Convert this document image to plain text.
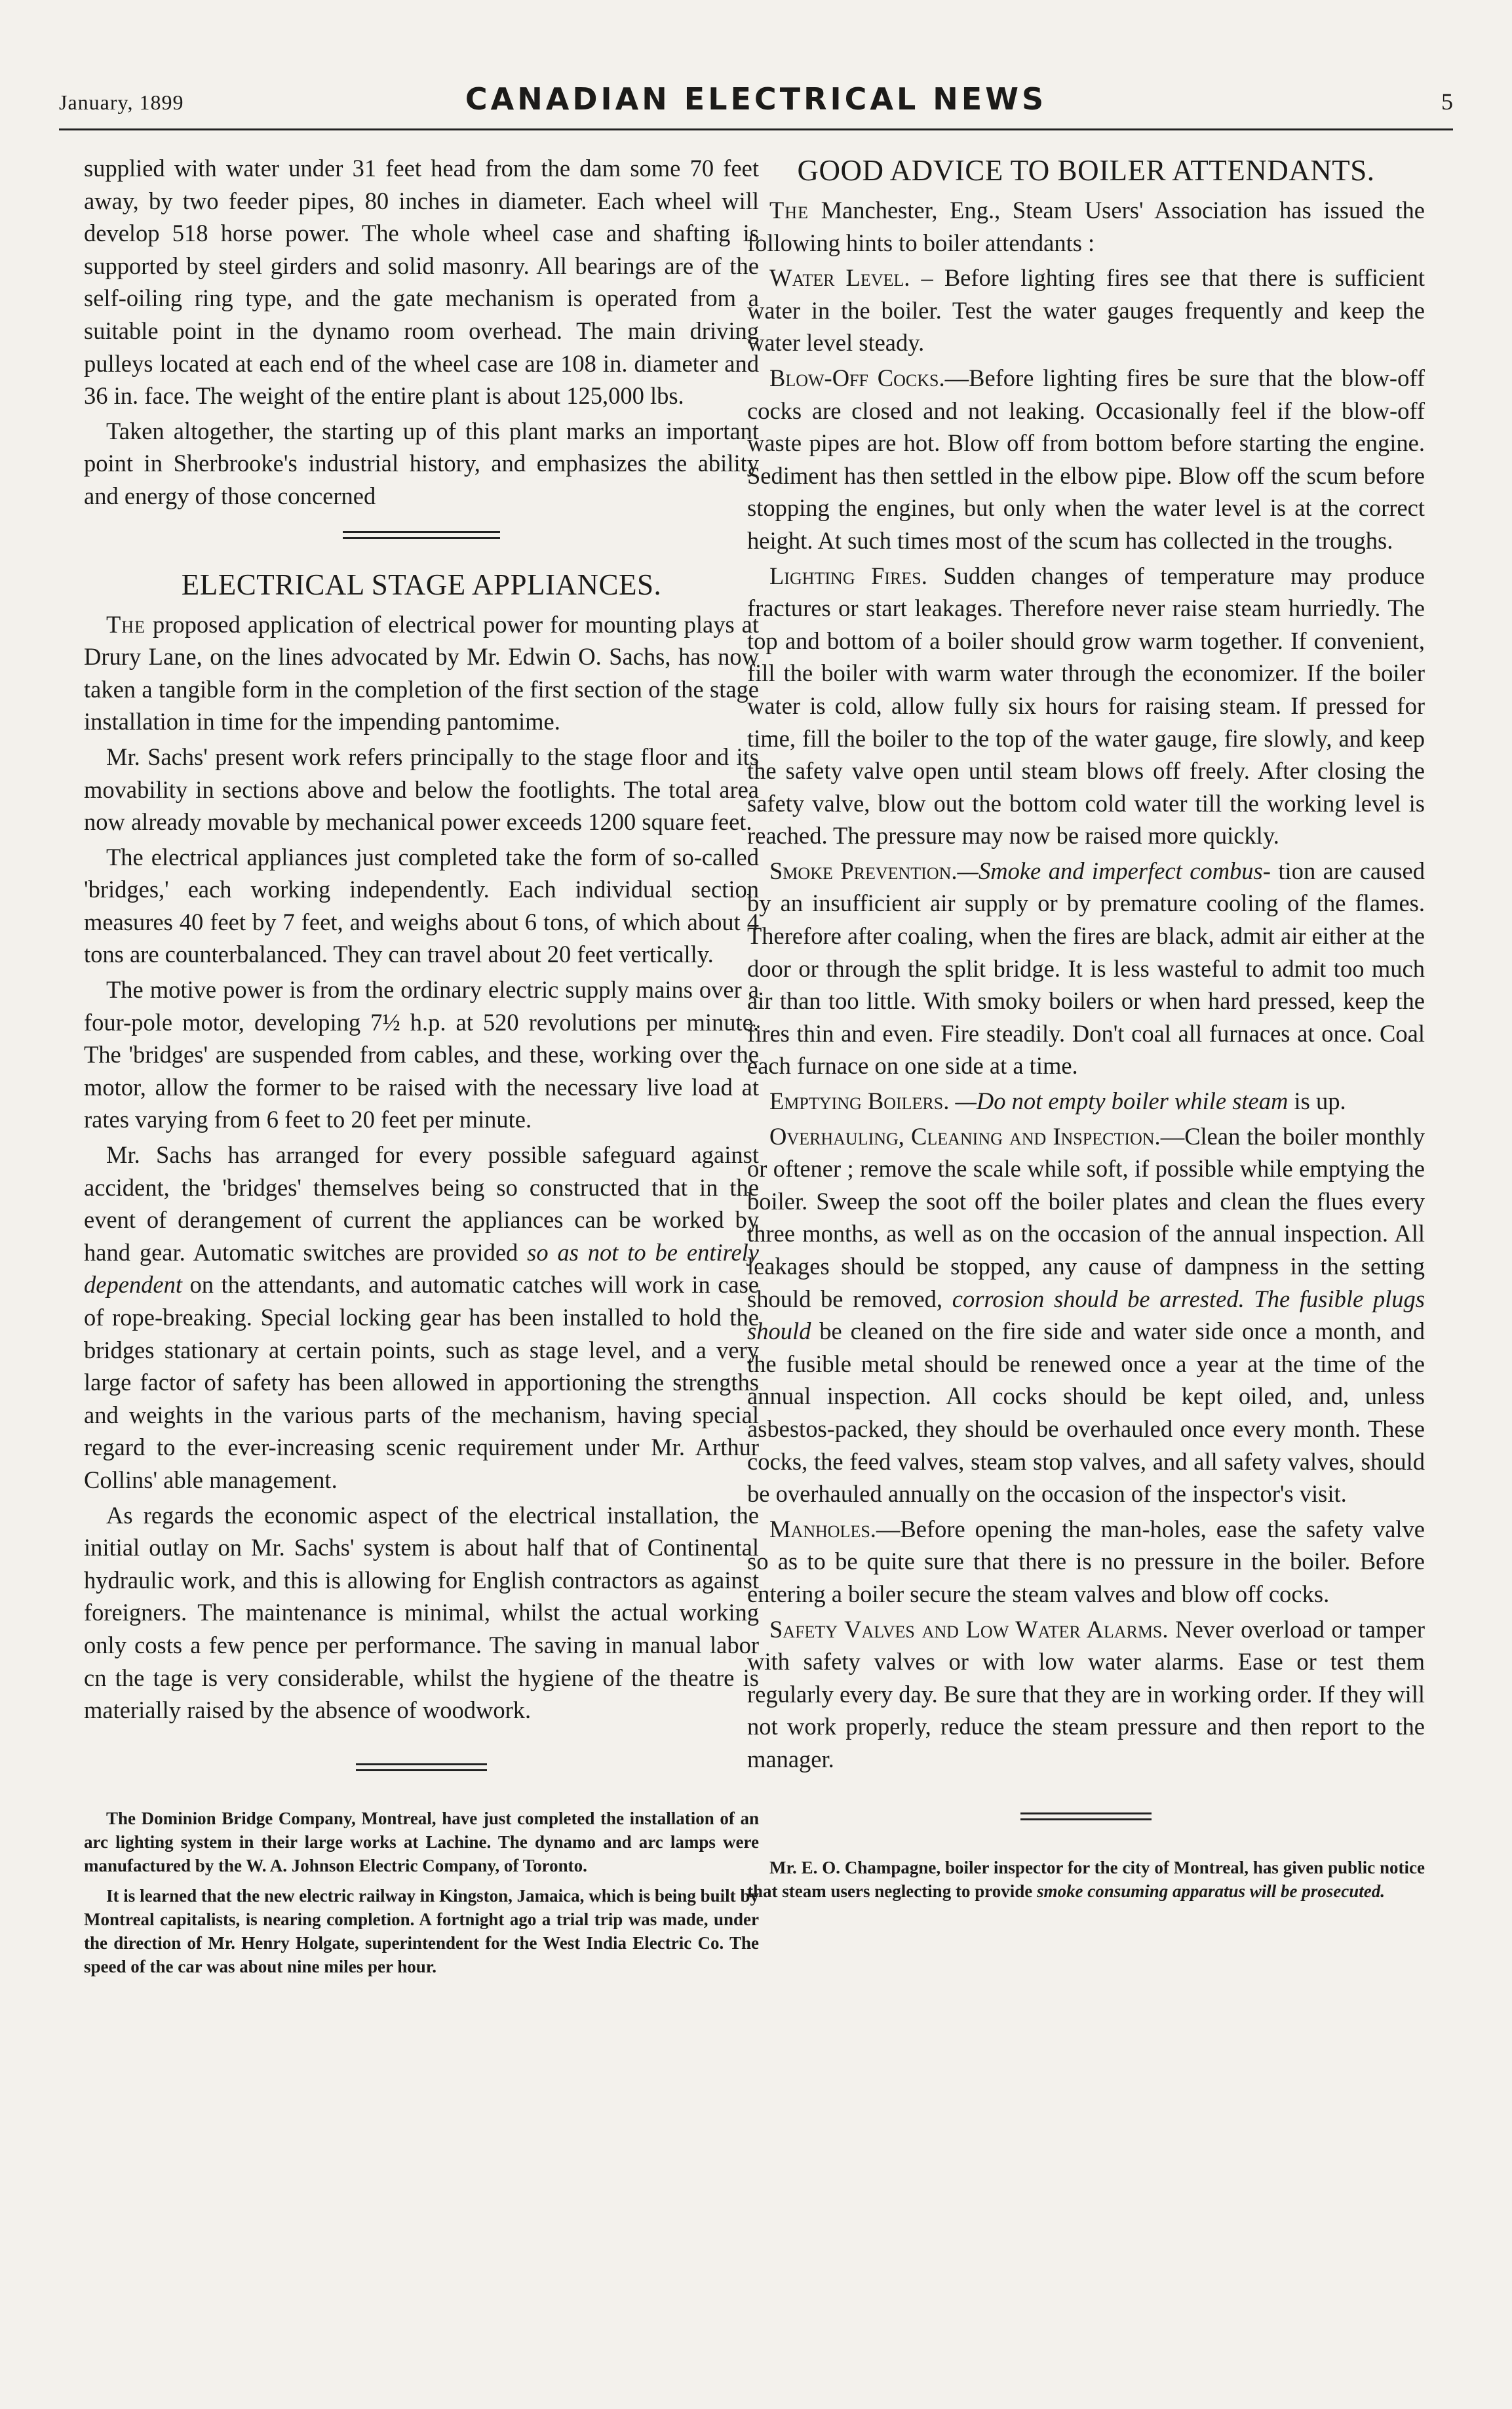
January, 1899	CANADIAN ELECTRICAL NEWS	5

supplied with water under 31 feet head from the dam some 70 feet away, by two feeder pipes, 80 inches in diameter. Each wheel will develop 518 horse power. The whole wheel case and shafting is supported by steel girders and solid masonry. All bearings are of the self-oiling ring type, and the gate mechanism is operated from a suitable point in the dynamo room overhead. The main driving pulleys located at each end of the wheel case are 108 in. diameter and 36 in. face. The weight of the entire plant is about 125,000 lbs.

Taken altogether, the starting up of this plant marks an important point in Sherbrooke's industrial history, and emphasizes the ability and energy of those concerned

ELECTRICAL STAGE APPLIANCES.

The proposed application of electrical power for mounting plays at Drury Lane, on the lines advocated by Mr. Edwin O. Sachs, has now taken a tangible form in the completion of the first section of the stage installation in time for the impending pantomime.

Mr. Sachs' present work refers principally to the stage floor and its movability in sections above and below the footlights. The total area now already movable by mechanical power exceeds 1200 square feet.

The electrical appliances just completed take the form of so-called 'bridges,' each working independently. Each individual section measures 40 feet by 7 feet, and weighs about 6 tons, of which about 4 tons are counterbalanced. They can travel about 20 feet vertically.

The motive power is from the ordinary electric supply mains over a four-pole motor, developing 7½ h.p. at 520 revolutions per minute. The 'bridges' are suspended from cables, and these, working over the motor, allow the former to be raised with the necessary live load at rates varying from 6 feet to 20 feet per minute.

Mr. Sachs has arranged for every possible safeguard against accident, the 'bridges' themselves being so constructed that in the event of derangement of current the appliances can be worked by hand gear. Automatic switches are provided so as not to be entirely dependent on the attendants, and automatic catches will work in case of rope-breaking. Special locking gear has been installed to hold the bridges stationary at certain points, such as stage level, and a very large factor of safety has been allowed in apportioning the strengths and weights in the various parts of the mechanism, having special regard to the ever-increasing scenic requirement under Mr. Arthur Collins' able management.

As regards the economic aspect of the electrical installation, the initial outlay on Mr. Sachs' system is about half that of Continental hydraulic work, and this is allowing for English contractors as against foreigners. The maintenance is minimal, whilst the actual working only costs a few pence per performance. The saving in manual labor cn the tage is very considerable, whilst the hygiene of the theatre is materially raised by the absence of woodwork.

The Dominion Bridge Company, Montreal, have just completed the installation of an arc lighting system in their large works at Lachine. The dynamo and arc lamps were manufactured by the W. A. Johnson Electric Company, of Toronto.

It is learned that the new electric railway in Kingston, Jamaica, which is being built by Montreal capitalists, is nearing completion. A fortnight ago a trial trip was made, under the direction of Mr. Henry Holgate, superintendent for the West India Electric Co. The speed of the car was about nine miles per hour.

GOOD ADVICE TO BOILER ATTENDANTS.

The Manchester, Eng., Steam Users' Association has issued the following hints to boiler attendants :

Water Level. – Before lighting fires see that there is sufficient water in the boiler. Test the water gauges frequently and keep the water level steady.

Blow-Off Cocks.—Before lighting fires be sure that the blow-off cocks are closed and not leaking. Occasionally feel if the blow-off waste pipes are hot. Blow off from bottom before starting the engine. Sediment has then settled in the elbow pipe. Blow off the scum before stopping the engines, but only when the water level is at the correct height. At such times most of the scum has collected in the troughs.

Lighting Fires. Sudden changes of temperature may produce fractures or start leakages. Therefore never raise steam hurriedly. The top and bottom of a boiler should grow warm together. If convenient, fill the boiler with warm water through the economizer. If the boiler water is cold, allow fully six hours for raising steam. If pressed for time, fill the boiler to the top of the water gauge, fire slowly, and keep the safety valve open until steam blows off freely. After closing the safety valve, blow out the bottom cold water till the working level is reached. The pressure may now be raised more quickly.

Smoke Prevention.—Smoke and imperfect combus- tion are caused by an insufficient air supply or by premature cooling of the flames. Therefore after coaling, when the fires are black, admit air either at the door or through the split bridge. It is less wasteful to admit too much air than too little. With smoky boilers or when hard pressed, keep the fires thin and even. Fire steadily. Don't coal all furnaces at once. Coal each furnace on one side at a time.

Emptying Boilers. —Do not empty boiler while steam is up.

Overhauling, Cleaning and Inspection.—Clean the boiler monthly or oftener ; remove the scale while soft, if possible while emptying the boiler. Sweep the soot off the boiler plates and clean the flues every three months, as well as on the occasion of the annual inspection. All leakages should be stopped, any cause of dampness in the setting should be removed, corrosion should be arrested. The fusible plugs should be cleaned on the fire side and water side once a month, and the fusible metal should be renewed once a year at the time of the annual inspection. All cocks should be kept oiled, and, unless asbestos-packed, they should be overhauled once every month. These cocks, the feed valves, steam stop valves, and all safety valves, should be overhauled annually on the occasion of the inspector's visit.

Manholes.—Before opening the man-holes, ease the safety valve so as to be quite sure that there is no pressure in the boiler. Before entering a boiler secure the steam valves and blow off cocks.

Safety Valves and Low Water Alarms. Never overload or tamper with safety valves or with low water alarms. Ease or test them regularly every day. Be sure that they are in working order. If they will not work properly, reduce the steam pressure and then report to the manager.

Mr. E. O. Champagne, boiler inspector for the city of Montreal, has given public notice that steam users neglecting to provide smoke consuming apparatus will be prosecuted.
